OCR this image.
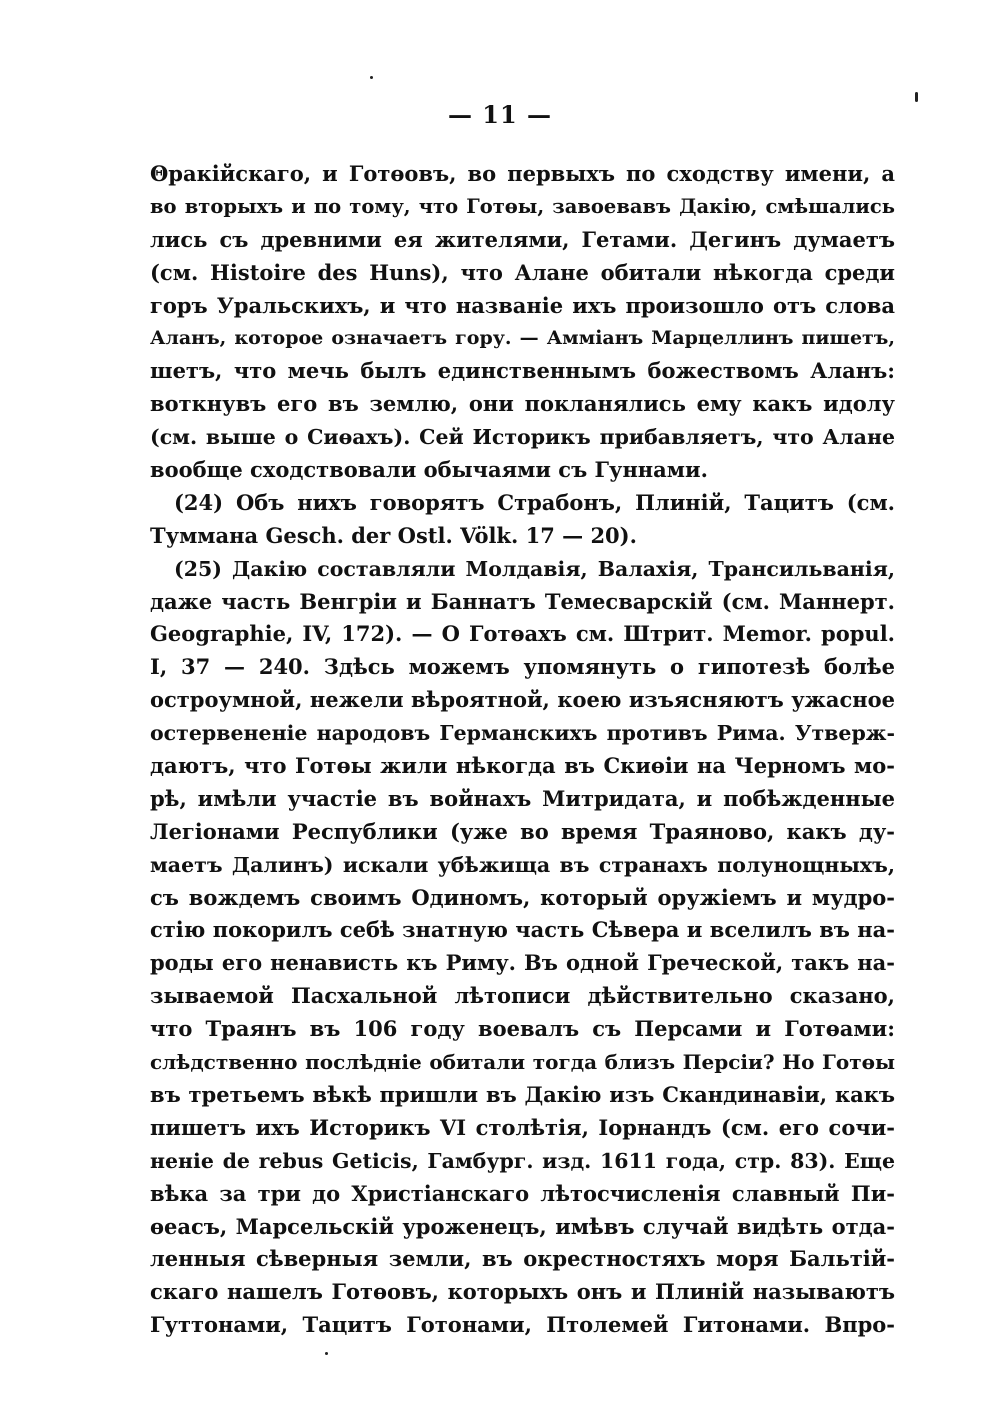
— 11 —
Θракійскаго, и Готөовъ, во первыхъ по сходству имени, а
во вторыхъ и по тому, что Готөы, завоевавъ Дакію, смѣшались
лись съ древними ея жителями, Гетами. Дегинъ думаетъ
(см. Histoire des Huns), что Алане обитали нѣкогда среди
горъ Уральскихъ, и что названіе ихъ произошло отъ слова
Аланъ, которое означаетъ гору. — Амміанъ Марцеллинъ пишетъ,
шетъ, что мечь былъ единственнымъ божествомъ Аланъ:
воткнувъ его въ землю, они покланялись ему какъ идолу
(см. выше о Сиөахъ). Сей Историкъ прибавляетъ, что Алане
вообще сходствовали обычаями съ Гуннами.
(24) Объ нихъ говорятъ Страбонъ, Плиній, Тацитъ (см.
Туммана Gesch. der Ostl. Völk. 17 — 20).
(25) Дакію составляли Молдавія, Валахія, Трансильванія,
даже часть Венгріи и Баннатъ Темесварскій (см. Маннерт.
Geographie, IV, 172). — О Готөахъ см. Штрит. Memor. popul.
I, 37 — 240. Здѣсь можемъ упомянуть о гипотезѣ болѣе
остроумной, нежели вѣроятной, коею изъясняютъ ужасное
остервененіе народовъ Германскихъ противъ Рима. Утверж-
даютъ, что Готөы жили нѣкогда въ Скиөіи на Черномъ мо-
рѣ, имѣли участіе въ войнахъ Митридата, и побѣжденные
Легіонами Республики (уже во время Траяново, какъ ду-
маетъ Далинъ) искали убѣжища въ странахъ полунощныхъ,
съ вождемъ своимъ Одиномъ, который оружіемъ и мудро-
стію покорилъ себѣ знатную часть Сѣвера и вселилъ въ на-
роды его ненависть къ Риму. Въ одной Греческой, такъ на-
зываемой Пасхальной лѣтописи дѣйствительно сказано,
что Траянъ въ 106 году воевалъ съ Персами и Готөами:
слѣдственно послѣдніе обитали тогда близъ Персіи? Но Готөы
въ третьемъ вѣкѣ пришли въ Дакію изъ Скандинавіи, какъ
пишетъ ихъ Историкъ VI столѣтія, Іорнандъ (см. его сочи-
неніе de rebus Geticis, Гамбург. изд. 1611 года, стр. 83). Еще
вѣка за три до Христіанскаго лѣтосчисленія славный Пи-
өеасъ, Марсельскій уроженецъ, имѣвъ случай видѣть отда-
ленныя сѣверныя земли, въ окрестностяхъ моря Бальтій-
скаго нашелъ Готөовъ, которыхъ онъ и Плиній называютъ
Гуттонами, Тацитъ Готонами, Птолемей Гитонами. Впро-
